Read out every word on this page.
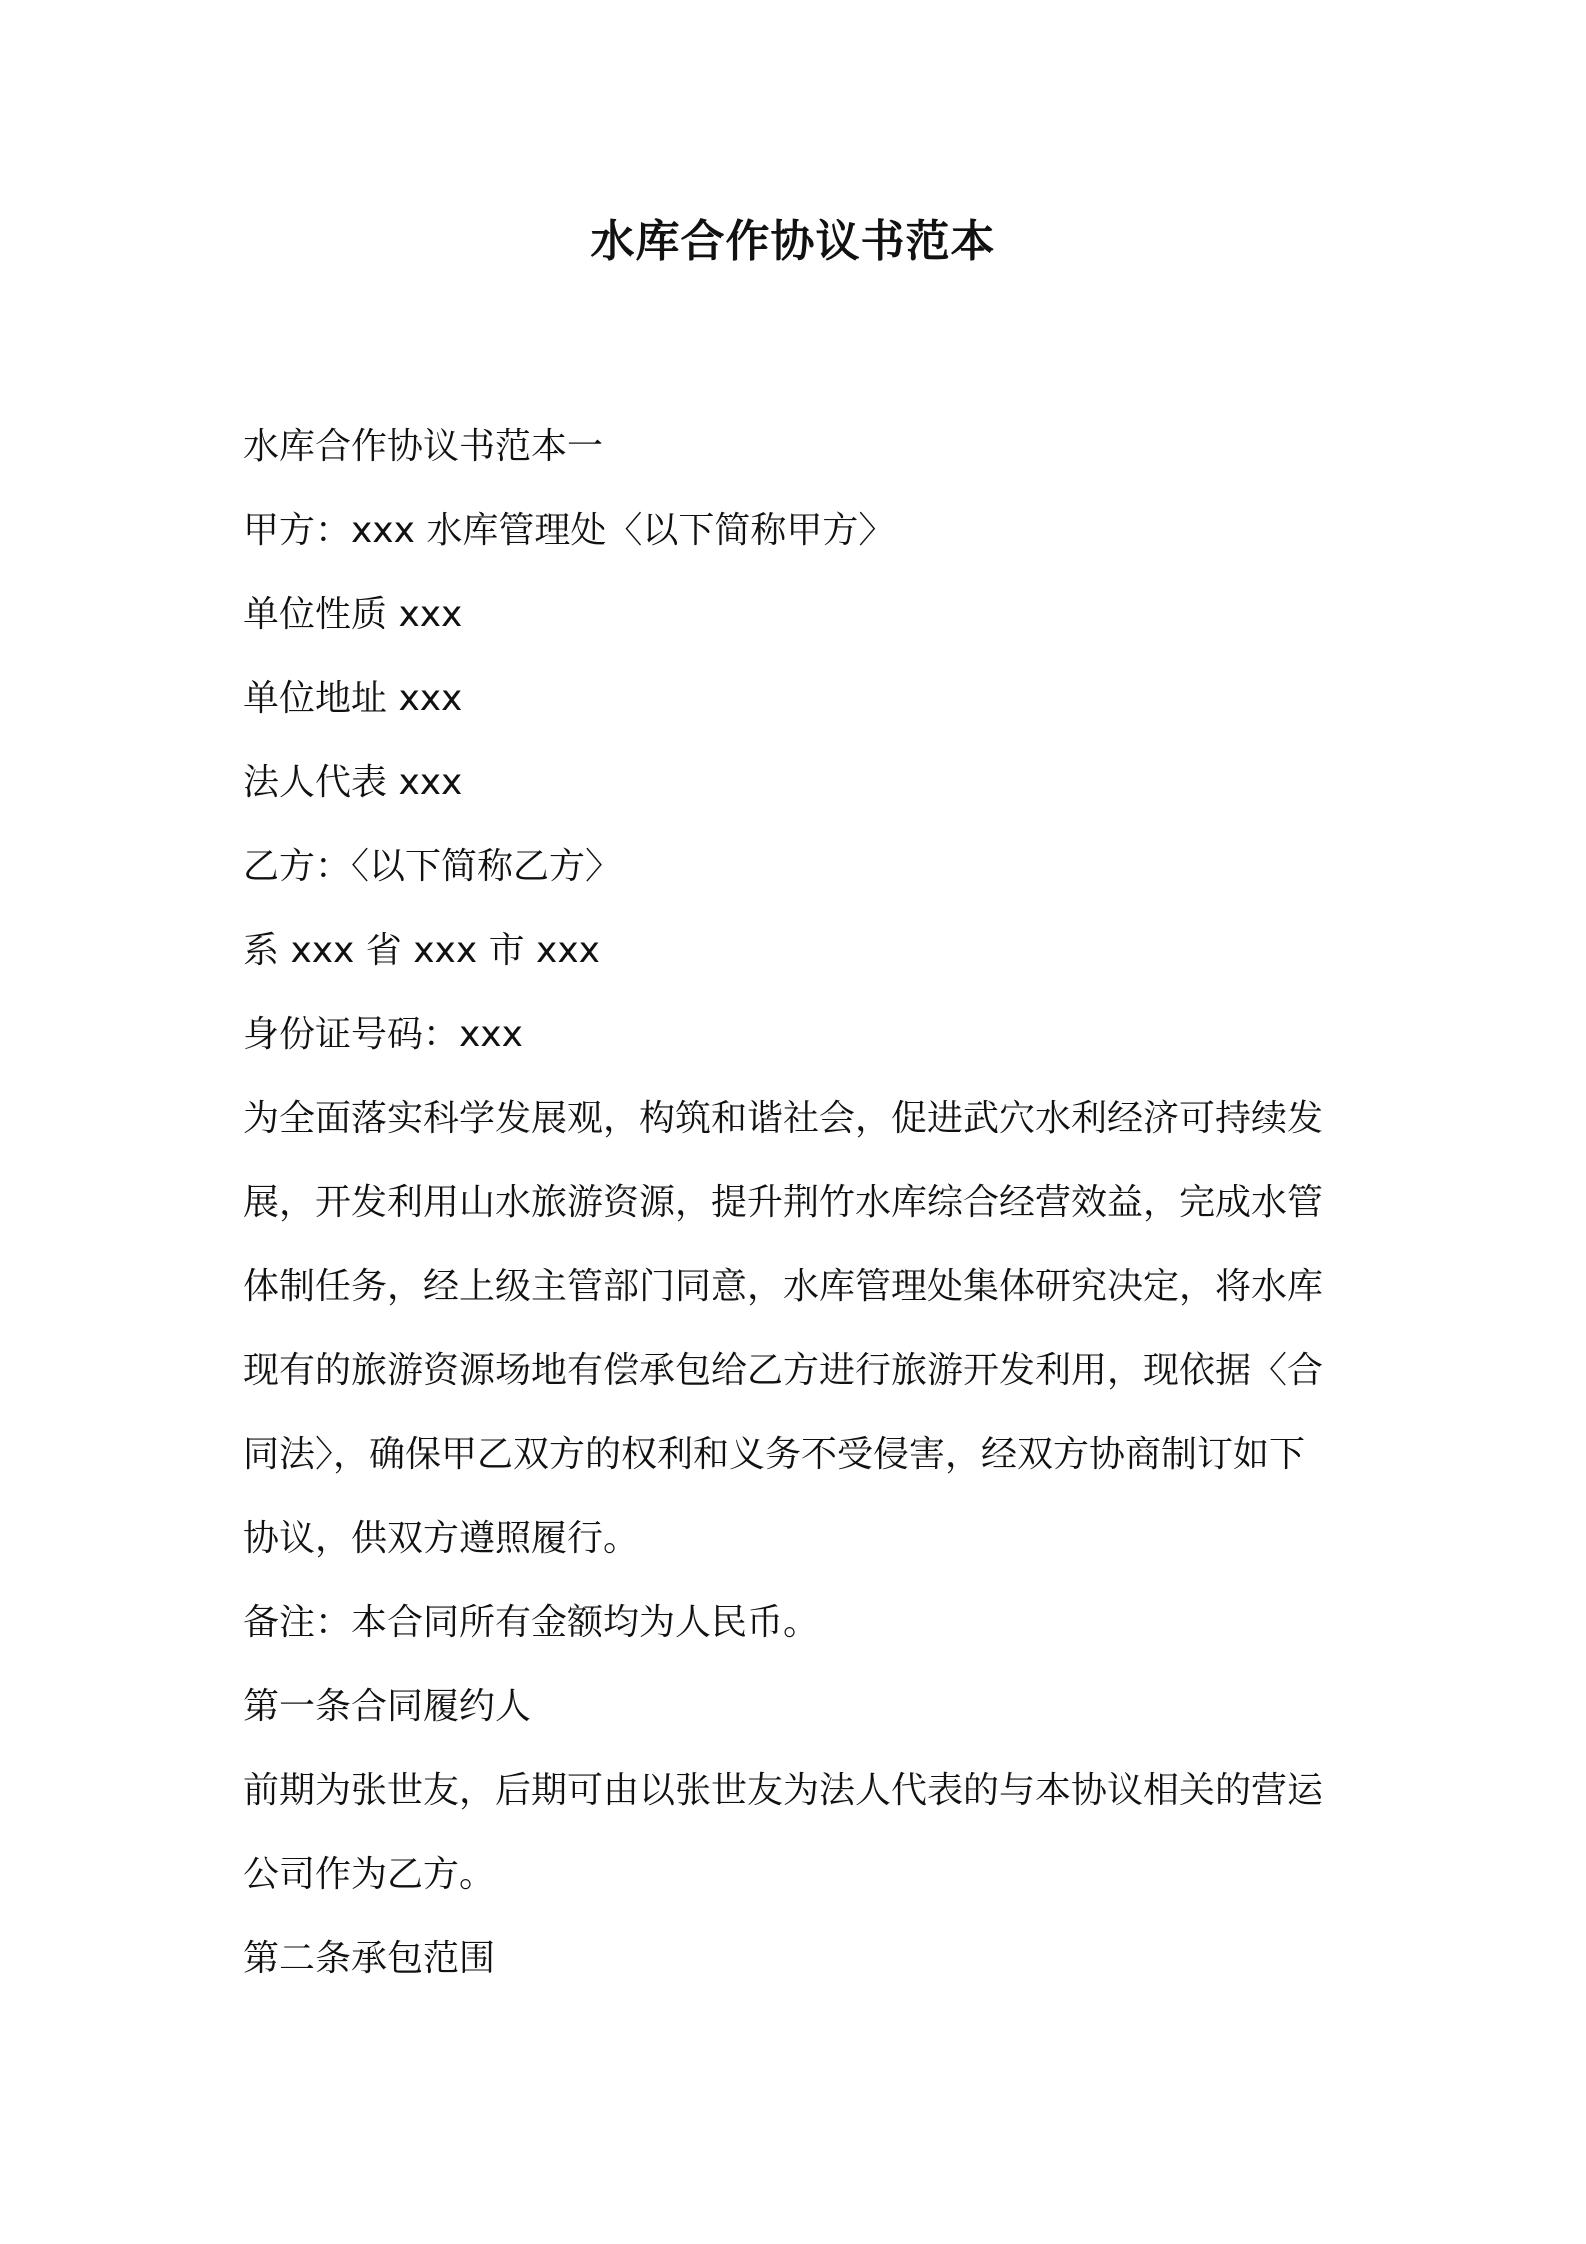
水库合作协议书范本
水库合作协议书范本一
甲方：xxx 水库管理处〈以下简称甲方〉
单位性质 xxx
单位地址 xxx
法人代表 xxx
乙方：〈以下简称乙方〉
系 xxx 省 xxx 市 xxx
身份证号码：xxx
为全面落实科学发展观，构筑和谐社会，促进武穴水利经济可持续发
展，开发利用山水旅游资源，提升荆竹水库综合经营效益，完成水管
体制任务，经上级主管部门同意，水库管理处集体研究决定，将水库
现有的旅游资源场地有偿承包给乙方进行旅游开发利用，现依据〈合
同法〉，确保甲乙双方的权利和义务不受侵害，经双方协商制订如下
协议，供双方遵照履行。
备注：本合同所有金额均为人民币。
第一条合同履约人
前期为张世友，后期可由以张世友为法人代表的与本协议相关的营运
公司作为乙方。
第二条承包范围
